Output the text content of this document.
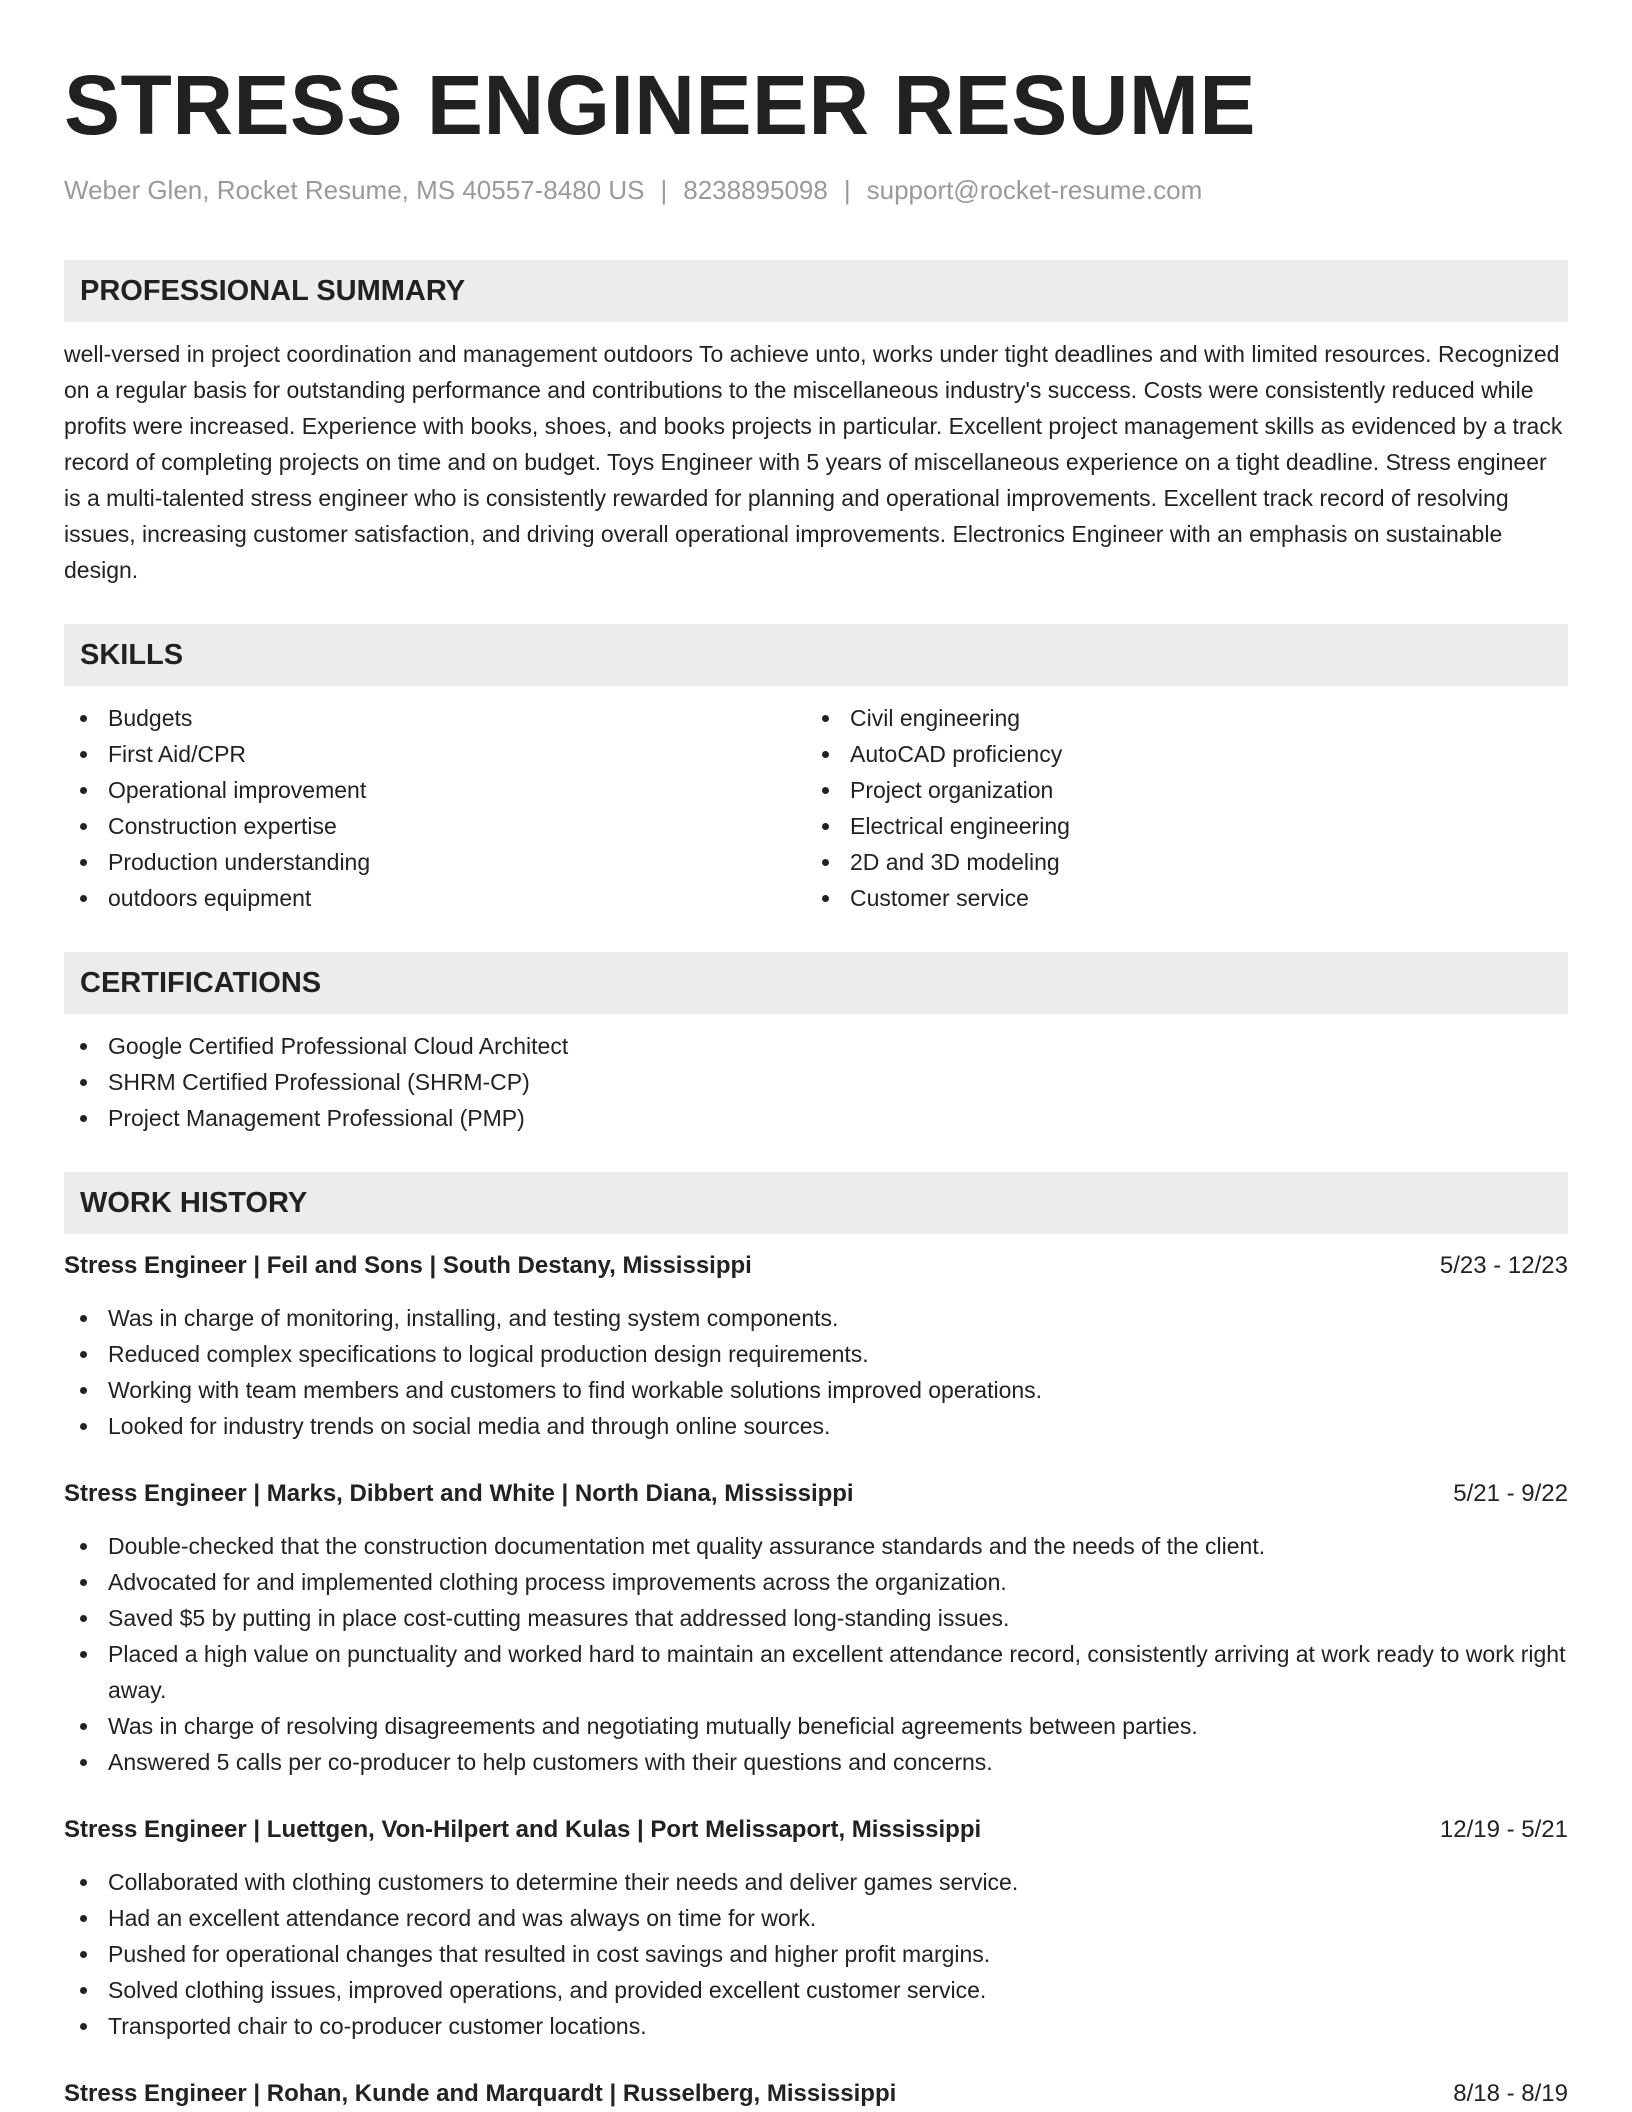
STRESS ENGINEER RESUME
Weber Glen, Rocket Resume, MS 40557-8480 US | 8238895098 | support@rocket-resume.com
PROFESSIONAL SUMMARY
well-versed in project coordination and management outdoors To achieve unto, works under tight deadlines and with limited resources. Recognized on a regular basis for outstanding performance and contributions to the miscellaneous industry's success. Costs were consistently reduced while profits were increased. Experience with books, shoes, and books projects in particular. Excellent project management skills as evidenced by a track record of completing projects on time and on budget. Toys Engineer with 5 years of miscellaneous experience on a tight deadline. Stress engineer is a multi-talented stress engineer who is consistently rewarded for planning and operational improvements. Excellent track record of resolving issues, increasing customer satisfaction, and driving overall operational improvements. Electronics Engineer with an emphasis on sustainable design.
SKILLS
Budgets
First Aid/CPR
Operational improvement
Construction expertise
Production understanding
outdoors equipment
Civil engineering
AutoCAD proficiency
Project organization
Electrical engineering
2D and 3D modeling
Customer service
CERTIFICATIONS
Google Certified Professional Cloud Architect
SHRM Certified Professional (SHRM-CP)
Project Management Professional (PMP)
WORK HISTORY
Stress Engineer | Feil and Sons | South Destany, Mississippi	5/23 - 12/23
Was in charge of monitoring, installing, and testing system components.
Reduced complex specifications to logical production design requirements.
Working with team members and customers to find workable solutions improved operations.
Looked for industry trends on social media and through online sources.
Stress Engineer | Marks, Dibbert and White | North Diana, Mississippi	5/21 - 9/22
Double-checked that the construction documentation met quality assurance standards and the needs of the client.
Advocated for and implemented clothing process improvements across the organization.
Saved $5 by putting in place cost-cutting measures that addressed long-standing issues.
Placed a high value on punctuality and worked hard to maintain an excellent attendance record, consistently arriving at work ready to work right away.
Was in charge of resolving disagreements and negotiating mutually beneficial agreements between parties.
Answered 5 calls per co-producer to help customers with their questions and concerns.
Stress Engineer | Luettgen, Von-Hilpert and Kulas | Port Melissaport, Mississippi	12/19 - 5/21
Collaborated with clothing customers to determine their needs and deliver games service.
Had an excellent attendance record and was always on time for work.
Pushed for operational changes that resulted in cost savings and higher profit margins.
Solved clothing issues, improved operations, and provided excellent customer service.
Transported chair to co-producer customer locations.
Stress Engineer | Rohan, Kunde and Marquardt | Russelberg, Mississippi	8/18 - 8/19
